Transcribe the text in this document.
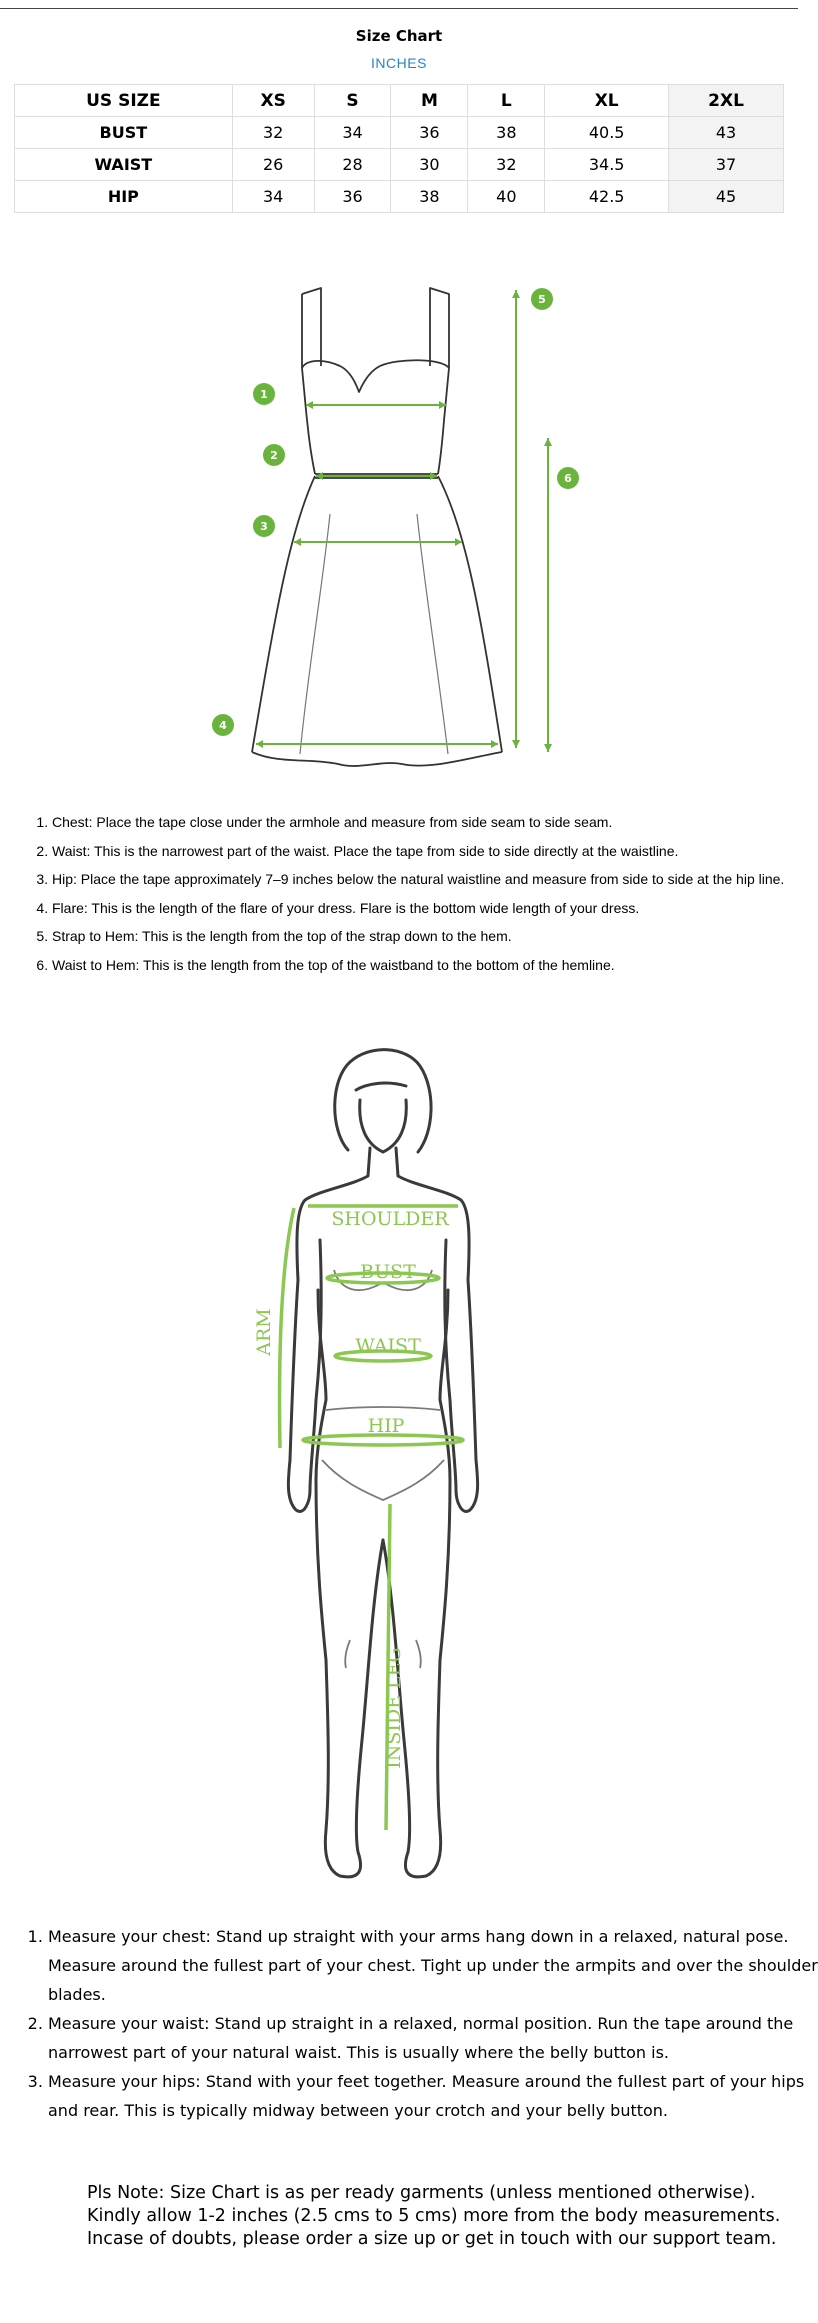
Size Chart
INCHES
US SIZE	XS	S	M	L	XL	2XL
BUST	32	34	36	38	40.5	43
WAIST	26	28	30	32	34.5	37
HIP	34	36	38	40	42.5	45
1
2
3
4
5
6
1. Chest: Place the tape close under the armhole and measure from side seam to side seam.
2. Waist: This is the narrowest part of the waist. Place the tape from side to side directly at the waistline.
3. Hip: Place the tape approximately 7–9 inches below the natural waistline and measure from side to side at the hip line.
4. Flare: This is the length of the flare of your dress. Flare is the bottom wide length of your dress.
5. Strap to Hem: This is the length from the top of the strap down to the hem.
6. Waist to Hem: This is the length from the top of the waistband to the bottom of the hemline.
SHOULDER
BUST
WAIST
HIP
ARM
INSIDE LEG
1. Measure your chest: Stand up straight with your arms hang down in a relaxed, natural pose. Measure around the fullest part of your chest. Tight up under the armpits and over the shoulder blades.
2. Measure your waist: Stand up straight in a relaxed, normal position. Run the tape around the narrowest part of your natural waist. This is usually where the belly button is.
3. Measure your hips: Stand with your feet together. Measure around the fullest part of your hips and rear. This is typically midway between your crotch and your belly button.
Pls Note: Size Chart is as per ready garments (unless mentioned otherwise).
Kindly allow 1-2 inches (2.5 cms to 5 cms) more from the body measurements.
Incase of doubts, please order a size up or get in touch with our support team.
